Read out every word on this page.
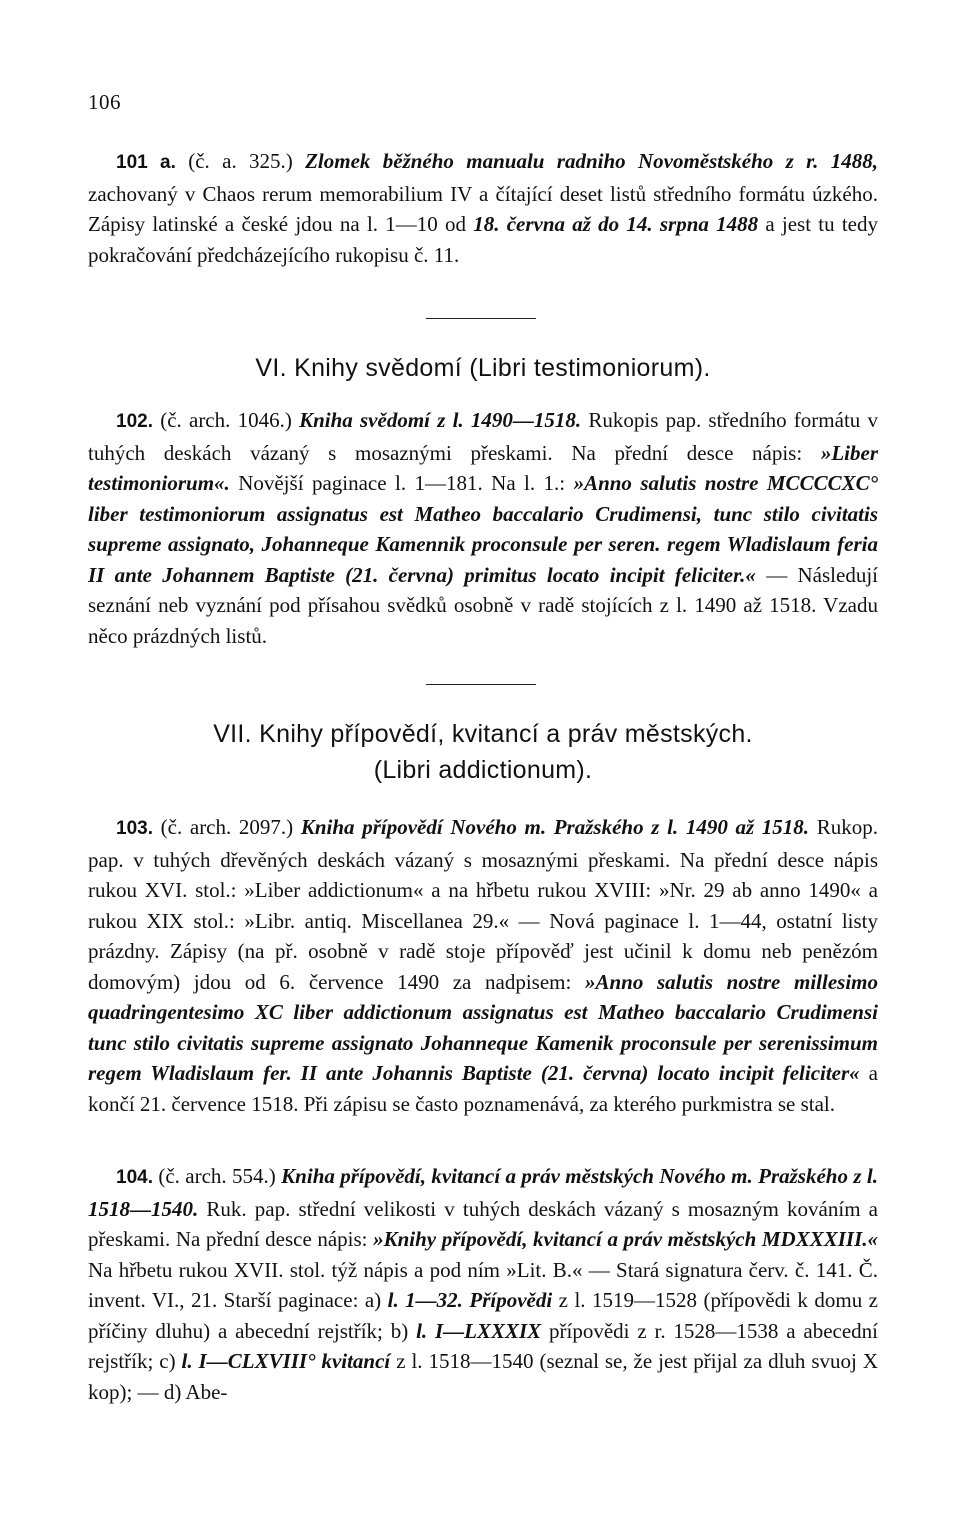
106
101 a. (č. a. 325.) Zlomek běžného manualu radniho Novoměstského z r. 1488, zachovaný v Chaos rerum memorabilium IV a čítající deset listů středního formátu úzkého. Zápisy latinské a české jdou na l. 1—10 od 18. června až do 14. srpna 1488 a jest tu tedy pokračování předcházejícího rukopisu č. 11.
VI. Knihy svědomí (Libri testimoniorum).
102. (č. arch. 1046.) Kniha svědomí z l. 1490—1518. Rukopis pap. středního formátu v tuhých deskách vázaný s mosaznými přeskami. Na přední desce nápis: »Liber testimoniorum«. Novější paginace l. 1—181. Na l. 1.: »Anno salutis nostre MCCCCXC° liber testimoniorum assignatus est Matheo baccalario Crudimensi, tunc stilo civitatis supreme assignato, Johanneque Kamennik proconsule per seren. regem Wladislaum feria II ante Johannem Baptiste (21. června) primitus locato incipit feliciter.« — Následují seznání neb vyznání pod přísahou svědků osobně v radě stojících z l. 1490 až 1518. Vzadu něco prázdných listů.
VII. Knihy přípovědí, kvitancí a práv městských.
(Libri addictionum).
103. (č. arch. 2097.) Kniha přípovědí Nového m. Pražského z l. 1490 až 1518. Rukop. pap. v tuhých dřevěných deskách vázaný s mosaznými přeskami. Na přední desce nápis rukou XVI. stol.: »Liber addictionum« a na hřbetu rukou XVIII: »Nr. 29 ab anno 1490« a rukou XIX stol.: »Libr. antiq. Miscellanea 29.« — Nová paginace l. 1—44, ostatní listy prázdny. Zápisy (na př. osobně v radě stoje přípověď jest učinil k domu neb penězóm domovým) jdou od 6. července 1490 za nadpisem: »Anno salutis nostre millesimo quadringentesimo XC liber addictionum assignatus est Matheo baccalario Crudimensi tunc stilo civitatis supreme assignato Johanneque Kamenik proconsule per serenissimum regem Wladislaum fer. II ante Johannis Baptiste (21. června) locato incipit feliciter« a končí 21. července 1518. Při zápisu se často poznamenává, za kterého purkmistra se stal.
104. (č. arch. 554.) Kniha přípovědí, kvitancí a práv městských Nového m. Pražského z l. 1518—1540. Ruk. pap. střední velikosti v tuhých deskách vázaný s mosazným kováním a přeskami. Na přední desce nápis: »Knihy přípovědí, kvitancí a práv městských MDXXXIII.« Na hřbetu rukou XVII. stol. týž nápis a pod ním »Lit. B.« — Stará signatura červ. č. 141. Č. invent. VI., 21. Starší paginace: a) l. 1—32. Přípovědi z l. 1519—1528 (přípovědi k domu z příčiny dluhu) a abecední rejstřík; b) l. I—LXXXIX přípovědi z r. 1528—1538 a abecední rejstřík; c) l. I—CLXVIII° kvitancí z l. 1518—1540 (seznal se, že jest přijal za dluh svuoj X kop); — d) Abe-
